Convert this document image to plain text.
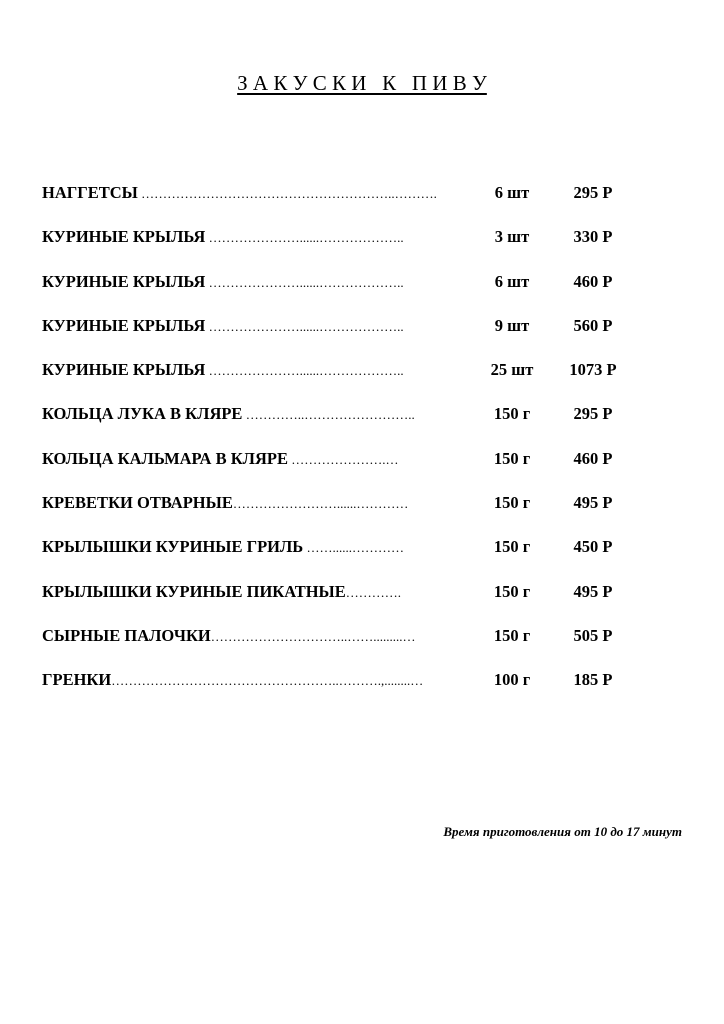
З А К У С К И   К   П И В У
НАГГЕТСЫ …………………………………………………..……….	6 шт	295 Р
КУРИНЫЕ КРЫЛЬЯ …………………......………………..	3 шт	330 Р
КУРИНЫЕ КРЫЛЬЯ …………………......………………..	6 шт	460 Р
КУРИНЫЕ КРЫЛЬЯ …………………......………………..	9 шт	560 Р
КУРИНЫЕ КРЫЛЬЯ …………………......………………..	25 шт	1073 Р
КОЛЬЦА ЛУКА В КЛЯРЕ …………..……………………..	150 г	295 Р
КОЛЬЦА КАЛЬМАРА В КЛЯРЕ ………………….…	150 г	460 Р
КРЕВЕТКИ ОТВАРНЫЕ……………………......…………	150 г	495 Р
КРЫЛЫШКИ КУРИНЫЕ ГРИЛЬ ……......…………	150 г	450 Р
КРЫЛЫШКИ КУРИНЫЕ ПИКАТНЫЕ………….	150 г	495 Р
СЫРНЫЕ ПАЛОЧКИ…………………………..…….........…	150 г	505 Р
ГРЕНКИ……………………………………………..……….,........…	100 г	185 Р
Время приготовления от 10 до 17 минут
